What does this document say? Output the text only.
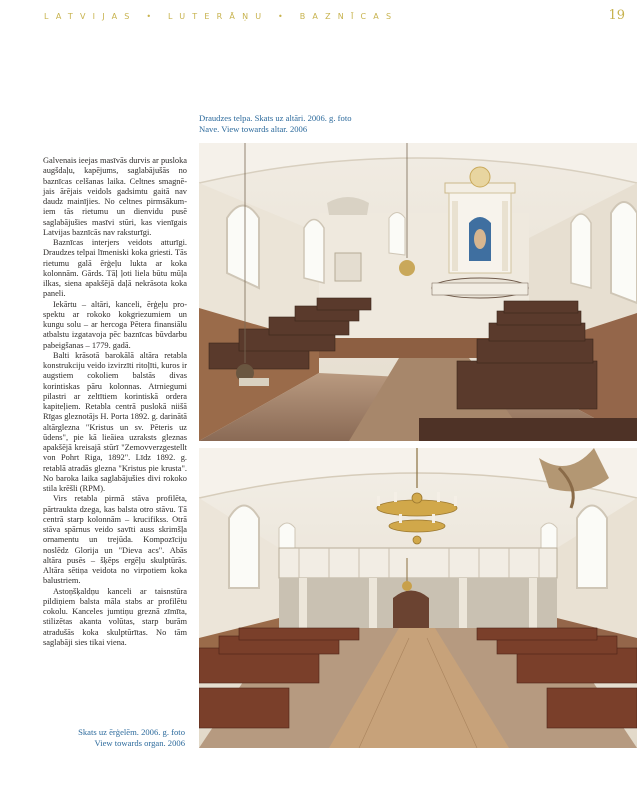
LATVIJAS • LUTERĀŅU • BAZNĪCAS	19
Draudzes telpa. Skats uz altāri. 2006. g. foto
Nave. View towards altar. 2006

Galvenais ieejas masīvās durvis ar pusloka augšdaļu, kapējums, saglabājušās no baznīcas celšanas laika. Celtnes smagnējais ārējais veidols gadsimtu gaitā nav daudz mainījies. No celtnes pirmsākumiem tās rietumu un dienvidu pusē saglabājušies masīvi stūri, kas vienīgais Latvijas baznīcās nav raksturīgi.

Baznīcas interjers veidots atturīgi. Draudzes telpai līmeniski koka griesti. Tās rietumu galā ērģeļu lukta ar koka kolonnām. Gārds. Tāļ ļoti liela būtu mūļa ilkas, siena apakšējā daļā nekrāsota koka paneli.

Iekārtu – altāri, kanceli, ērģeļu prospektu ar rokoko kokgriezumiem un kungu solu – ar hercoga Pētera finansiālu atbalstu izgatavoja pēc baznīcas būvdarbu pabeigšanas – 1779. gadā.

Balti krāsotā barokālā altāra retabla konstrukciju veido izvirzīti ritoļīti, kuros ir augstiem cokoliem balstās divas korintiskas pāru kolonnas. Atrniegumi pilastri ar zeltītiem korintiskā ordera kapiteļiem. Retabla centrā puslokā niišā Rīgas gleznotājs H. Porta 1892. g. darinātā altārglezna "Kristus un sv. Pēteris uz ūdens", pie kā lieāiea uzraksts gleznas apakšējā kreisajā stūrī "Zemovverzgestellt von Pohrt Riga, 1892". Līdz 1892. g. retablā atradās glezna "Kristus pie krusta". No baroka laika saglabājušies divi rokoko stila krēšli (RPM).

Virs retabla pirmā stāva profilēta, pārtraukta dzega, kas balsta otro stāvu. Tā centrā starp kolonnām – krucifikss. Otrā stāva spārnus veido savīti auss skrimšļa ornamentu un trejūda. Kompozīciju noslēdz Glorija un "Dieva acs". Abās altāra pusēs – šķēps ergēļu skulptūrās. Altāra sētiņa veidota no virpotiem koka balustriem.

Astoņšķaldņu kanceli ar taisnstūra pildiņiem balsta māla stabs ar profilētu cokolu. Kanceles jumtiņu greznā zīmīta, stilizētas akanta volūtas, starp burām atradušās koka skulptūrītas. No tām saglabāji sies tikai viena.

Skats uz ērģelēm. 2006. g. foto
View towards organ. 2006
